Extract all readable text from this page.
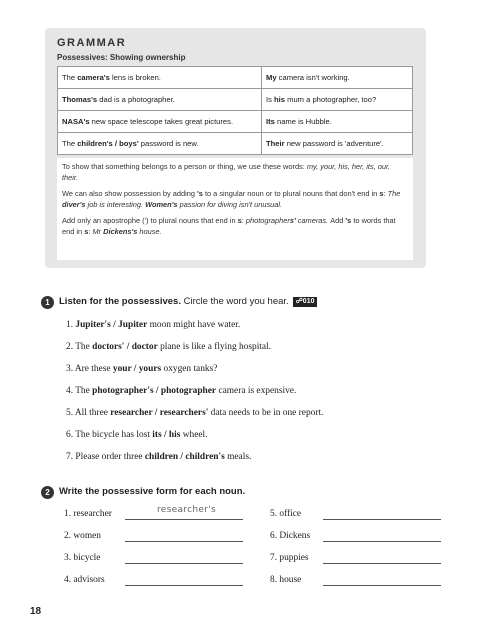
GRAMMAR
Possessives: Showing ownership
The camera's lens is broken.	My camera isn't working.
Thomas's dad is a photographer.	Is his mum a photographer, too?
NASA's new space telescope takes great pictures.	Its name is Hubble.
The children's / boys' password is new.	Their new password is 'adventure'.

To show that something belongs to a person or thing, we use these words: my, your, his, her, its, our, their.

We can also show possession by adding 's to a singular noun or to plural nouns that don't end in s: The diver's job is interesting. Women's passion for diving isn't unusual.

Add only an apostrophe (') to plural nouns that end in s: photographers' cameras. Add 's to words that end in s: Mr Dickens's house.

1 Listen for the possessives. Circle the word you hear. ☍010
1. Jupiter's / Jupiter moon might have water.
2. The doctors' / doctor plane is like a flying hospital.
3. Are these your / yours oxygen tanks?
4. The photographer's / photographer camera is expensive.
5. All three researcher / researchers' data needs to be in one report.
6. The bicycle has lost its / his wheel.
7. Please order three children / children's meals.
2 Write the possessive form for each noun.
1. researcher	researcher's
2. women
3. bicycle
4. advisors
5. office
6. Dickens
7. puppies
8. house
18
